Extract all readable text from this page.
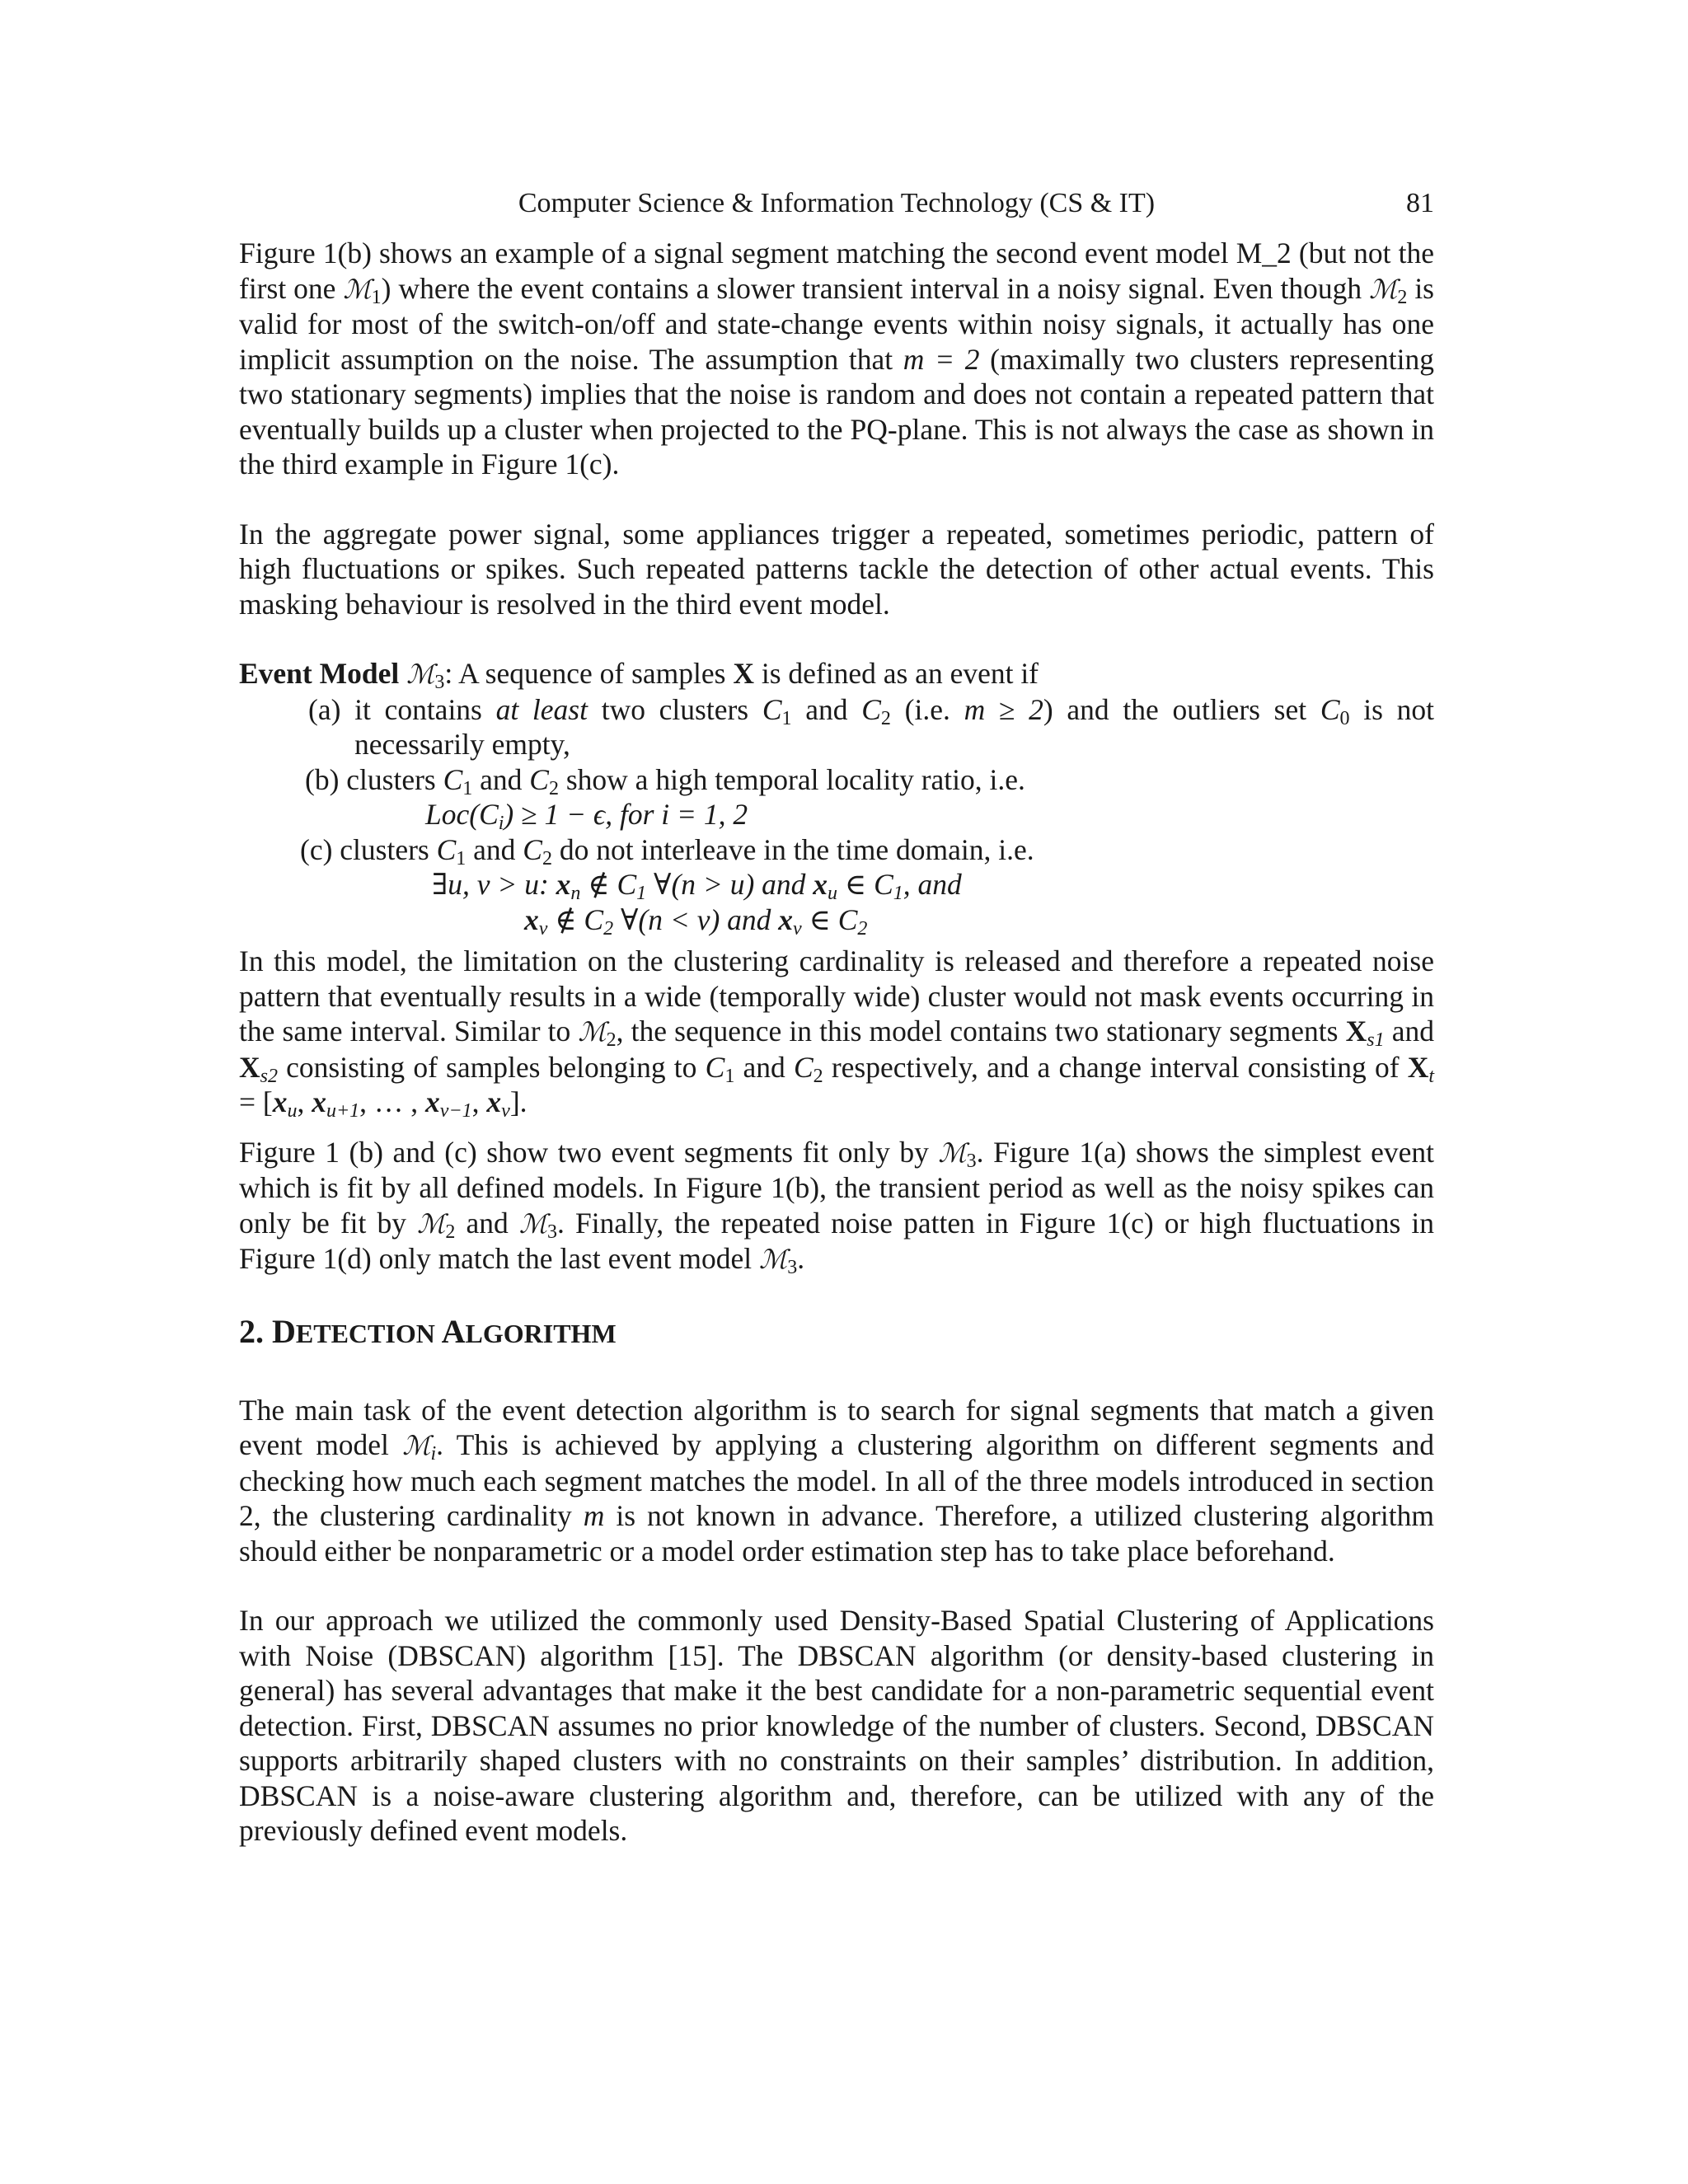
Computer Science & Information Technology (CS & IT)	81

Figure 1(b) shows an example of a signal segment matching the second event model M_2 (but not the first one ℳ$_1$) where the event contains a slower transient interval in a noisy signal. Even though ℳ$_2$ is valid for most of the switch-on/off and state-change events within noisy signals, it actually has one implicit assumption on the noise. The assumption that m = 2 (maximally two clusters representing two stationary segments) implies that the noise is random and does not contain a repeated pattern that eventually builds up a cluster when projected to the PQ-plane. This is not always the case as shown in the third example in Figure 1(c).

In the aggregate power signal, some appliances trigger a repeated, sometimes periodic, pattern of high fluctuations or spikes. Such repeated patterns tackle the detection of other actual events. This masking behaviour is resolved in the third event model.

Event Model ℳ$_3$: A sequence of samples X is defined as an event if

(a) it contains at least two clusters $C_1$ and $C_2$ (i.e. m ≥ 2) and the outliers set $C_0$ is not necessarily empty,
(b) clusters $C_1$ and $C_2$ show a high temporal locality ratio, i.e.
$Loc(C_i) \ge 1 - \epsilon$, for i = 1, 2
(c) clusters $C_1$ and $C_2$ do not interleave in the time domain, i.e.
∃u, v > u: $x_n$ ∉ $C_1$ ∀(n > u) and $x_u$ ∈ $C_1$, and
$x_v$ ∉ $C_2$ ∀(n < v) and $x_v$ ∈ $C_2$

In this model, the limitation on the clustering cardinality is released and therefore a repeated noise pattern that eventually results in a wide (temporally wide) cluster would not mask events occurring in the same interval. Similar to ℳ$_2$, the sequence in this model contains two stationary segments $X_{s1}$ and $X_{s2}$ consisting of samples belonging to $C_1$ and $C_2$ respectively, and a change interval consisting of $X_t = [x_u$, $x_{u+1}$, … , $x_{v-1}$, $x_v$].

Figure 1 (b) and (c) show two event segments fit only by ℳ$_3$. Figure 1(a) shows the simplest event which is fit by all defined models. In Figure 1(b), the transient period as well as the noisy spikes can only be fit by ℳ$_2$ and ℳ$_3$. Finally, the repeated noise patten in Figure 1(c) or high fluctuations in Figure 1(d) only match the last event model ℳ$_3$.

2. DETECTION ALGORITHM

The main task of the event detection algorithm is to search for signal segments that match a given event model ℳ$_i$. This is achieved by applying a clustering algorithm on different segments and checking how much each segment matches the model. In all of the three models introduced in section 2, the clustering cardinality m is not known in advance. Therefore, a utilized clustering algorithm should either be nonparametric or a model order estimation step has to take place beforehand.

In our approach we utilized the commonly used Density-Based Spatial Clustering of Applications with Noise (DBSCAN) algorithm [15]. The DBSCAN algorithm (or density-based clustering in general) has several advantages that make it the best candidate for a non-parametric sequential event detection. First, DBSCAN assumes no prior knowledge of the number of clusters. Second, DBSCAN supports arbitrarily shaped clusters with no constraints on their samples’ distribution. In addition, DBSCAN is a noise-aware clustering algorithm and, therefore, can be utilized with any of the previously defined event models.
